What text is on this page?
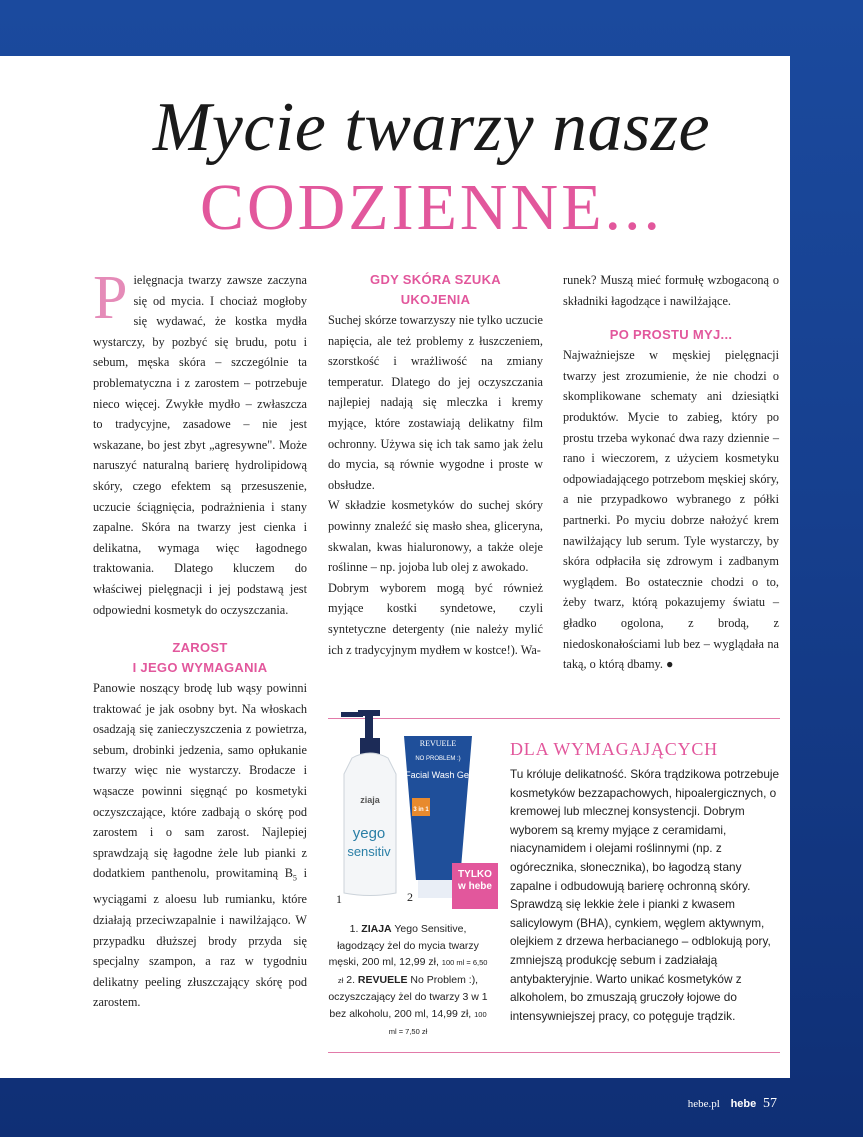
Mycie twarzy nasze
CODZIENNE...

Pielęgnacja twarzy zawsze zaczyna się od mycia. I chociaż mogłoby się wydawać, że kostka mydła wystarczy, by pozbyć się brudu, potu i sebum, męska skóra – szczególnie ta problematyczna i z zarostem – potrzebuje nieco więcej. Zwykłe mydło – zwłaszcza to tradycyjne, zasadowe – nie jest wskazane, bo jest zbyt „agresywne". Może naruszyć naturalną barierę hydrolipidową skóry, czego efektem są przesuszenie, uczucie ściągnięcia, podrażnienia i stany zapalne. Skóra na twarzy jest cienka i delikatna, wymaga więc łagodnego traktowania. Dlatego kluczem do właściwej pielęgnacji i jej podstawą jest odpowiedni kosmetyk do oczyszczania.

ZAROST
I JEGO WYMAGANIA

Panowie noszący brodę lub wąsy powinni traktować je jak osobny byt. Na włoskach osadzają się zanieczyszczenia z powietrza, sebum, drobinki jedzenia, samo opłukanie twarzy więc nie wystarczy. Brodacze i wąsacze powinni sięgnąć po kosmetyki oczyszczające, które zadbają o skórę pod zarostem i o sam zarost. Najlepiej sprawdzają się łagodne żele lub pianki z dodatkiem panthenolu, prowitaminą $B_5$ i wyciągami z aloesu lub rumianku, które działają przeciwzapalnie i nawilżająco. W przypadku dłuższej brody przyda się specjalny szampon, a raz w tygodniu delikatny peeling złuszczający skórę pod zarostem.

GDY SKÓRA SZUKA
UKOJENIA

Suchej skórze towarzyszy nie tylko uczucie napięcia, ale też problemy z łuszczeniem, szorstkość i wrażliwość na zmiany temperatur. Dlatego do jej oczyszczania najlepiej nadają się mleczka i kremy myjące, które zostawiają delikatny film ochronny. Używa się ich tak samo jak żelu do mycia, są równie wygodne i proste w obsłudze.

W składzie kosmetyków do suchej skóry powinny znaleźć się masło shea, gliceryna, skwalan, kwas hialuronowy, a także oleje roślinne – np. jojoba lub olej z awokado.

Dobrym wyborem mogą być również myjące kostki syndetowe, czyli syntetyczne detergenty (nie należy mylić ich z tradycyjnym mydłem w kostce!). Wa-

runek? Muszą mieć formułę wzbogaconą o składniki łagodzące i nawilżające.

PO PROSTU MYJ...

Najważniejsze w męskiej pielęgnacji twarzy jest zrozumienie, że nie chodzi o skomplikowane schematy ani dziesiątki produktów. Mycie to zabieg, który po prostu trzeba wykonać dwa razy dziennie – rano i wieczorem, z użyciem kosmetyku odpowiadającego potrzebom męskiej skóry, a nie przypadkowo wybranego z półki partnerki. Po myciu dobrze nałożyć krem nawilżający lub serum. Tyle wystarczy, by skóra odpłaciła się zdrowym i zadbanym wyglądem. Bo ostatecznie chodzi o to, żeby twarz, którą pokazujemy światu – gładko ogolona, z brodą, z niedoskonałościami lub bez – wyglądała na taką, o którą dbamy. ●

ziaja
yego
sensitiv
REVUELE
NO PROBLEM :)
Facial Wash Gel
3 in 1
1	2
TYLKO
w hebe
1. ZIAJA Yego Sensitive, łagodzący żel do mycia twarzy męski, 200 ml, 12,99 zł, 100 ml = 6,50 zł 2. REVUELE No Problem :), oczyszczający żel do twarzy 3 w 1 bez alkoholu, 200 ml, 14,99 zł, 100 ml = 7,50 zł
DLA WYMAGAJĄCYCH
Tu króluje delikatność. Skóra trądzikowa potrzebuje kosmetyków bezzapachowych, hipoalergicznych, o kremowej lub mlecznej konsystencji. Dobrym wyborem są kremy myjące z ceramidami, niacynamidem i olejami roślinnymi (np. z ogórecznika, słonecznika), bo łagodzą stany zapalne i odbudowują barierę ochronną skóry. Sprawdzą się lekkie żele i pianki z kwasem salicylowym (BHA), cynkiem, węglem aktywnym, olejkiem z drzewa herbacianego – odblokują pory, zmniejszą produkcję sebum i zadziałają antybakteryjnie. Warto unikać kosmetyków z alkoholem, bo zmuszają gruczoły łojowe do intensywniejszej pracy, co potęguje trądzik.
hebe.pl hebe 57
